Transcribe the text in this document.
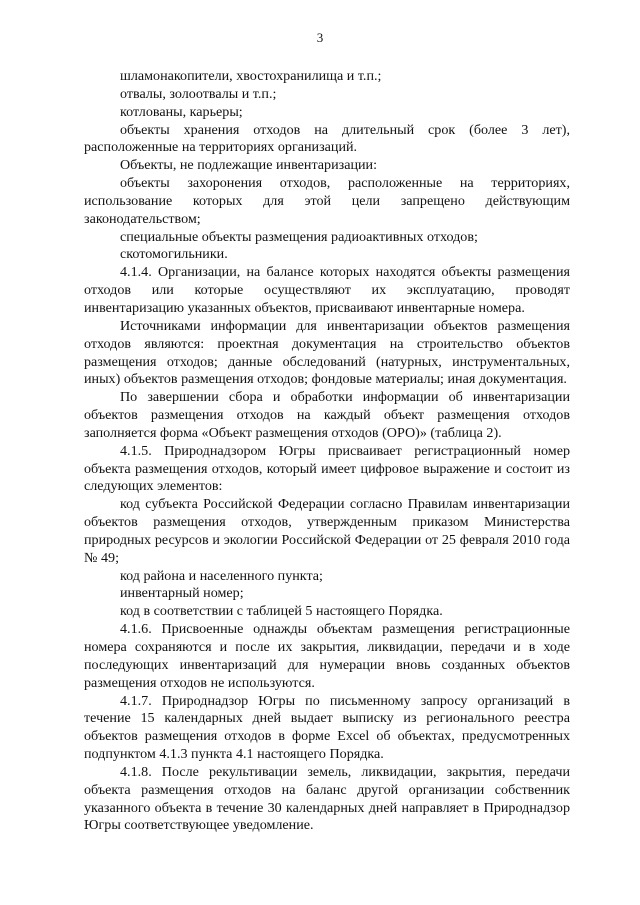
3

шламонакопители, хвостохранилища и т.п.;

отвалы, золоотвалы и т.п.;

котлованы, карьеры;

объекты хранения отходов на длительный срок (более 3 лет), расположенные на территориях организаций.

Объекты, не подлежащие инвентаризации:

объекты захоронения отходов, расположенные на территориях, использование которых для этой цели запрещено действующим законодательством;

специальные объекты размещения радиоактивных отходов;

скотомогильники.

4.1.4. Организации, на балансе которых находятся объекты размещения отходов или которые осуществляют их эксплуатацию, проводят инвентаризацию указанных объектов, присваивают инвентарные номера.

Источниками информации для инвентаризации объектов размещения отходов являются: проектная документация на строительство объектов размещения отходов; данные обследований (натурных, инструментальных, иных) объектов размещения отходов; фондовые материалы; иная документация.

По завершении сбора и обработки информации об инвентаризации объектов размещения отходов на каждый объект размещения отходов заполняется форма «Объект размещения отходов (ОРО)» (таблица 2).

4.1.5. Природнадзором Югры присваивает регистрационный номер объекта размещения отходов, который имеет цифровое выражение и состоит из следующих элементов:

код субъекта Российской Федерации согласно Правилам инвентаризации объектов размещения отходов, утвержденным приказом Министерства природных ресурсов и экологии Российской Федерации от 25 февраля 2010 года № 49;

код района и населенного пункта;

инвентарный номер;

код в соответствии с таблицей 5 настоящего Порядка.

4.1.6. Присвоенные однажды объектам размещения регистрационные номера сохраняются и после их закрытия, ликвидации, передачи и в ходе последующих инвентаризаций для нумерации вновь созданных объектов размещения отходов не используются.

4.1.7. Природнадзор Югры по письменному запросу организаций в течение 15 календарных дней выдает выписку из регионального реестра объектов размещения отходов в форме Excel об объектах, предусмотренных подпунктом 4.1.3 пункта 4.1 настоящего Порядка.

4.1.8. После рекультивации земель, ликвидации, закрытия, передачи объекта размещения отходов на баланс другой организации собственник указанного объекта в течение 30 календарных дней направляет в Природнадзор Югры соответствующее уведомление.
